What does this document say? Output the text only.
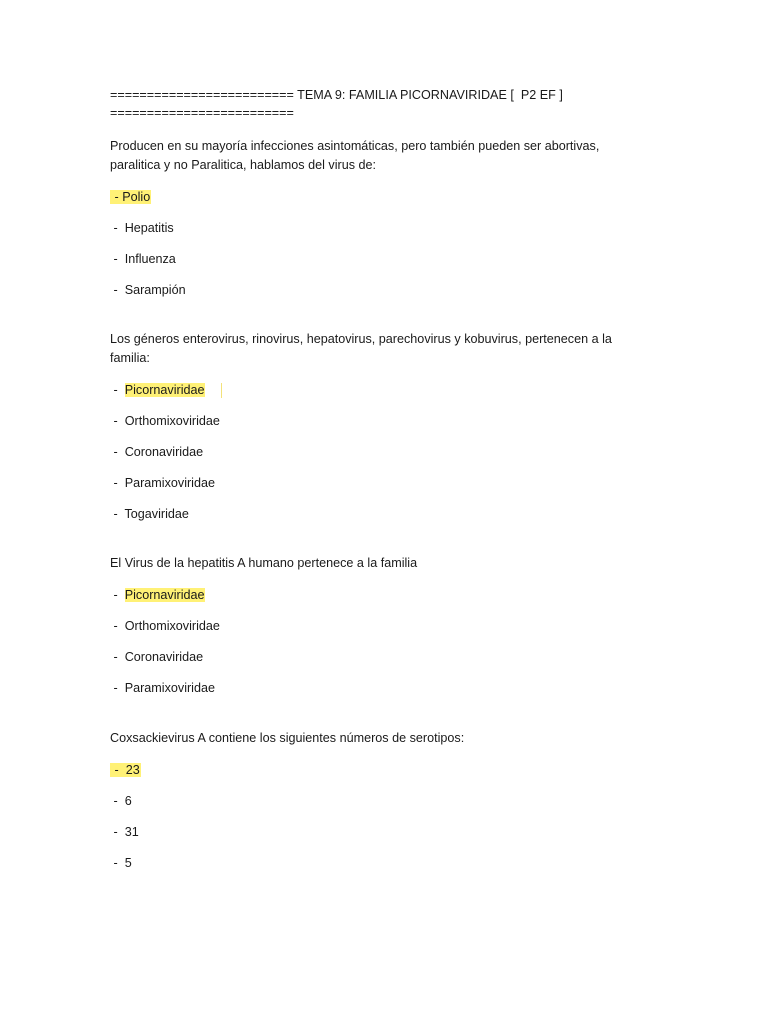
========================= TEMA 9: FAMILIA PICORNAVIRIDAE [  P2 EF ]

=========================

Producen en su mayoría infecciones asintomáticas, pero también pueden ser abortivas, paralitica y no Paralitica, hablamos del virus de:

- Polio
-  Hepatitis
-  Influenza
-  Sarampión

Los géneros enterovirus, rinovirus, hepatovirus, parechovirus y kobuvirus, pertenecen a la familia:

-  Picornaviridae
-  Orthomixoviridae
-  Coronaviridae
-  Paramixoviridae
-  Togaviridae

El Virus de la hepatitis A humano pertenece a la familia

-  Picornaviridae
-  Orthomixoviridae
-  Coronaviridae
-  Paramixoviridae

Coxsackievirus A contiene los siguientes números de serotipos:

-  23
-  6
-  31
-  5
